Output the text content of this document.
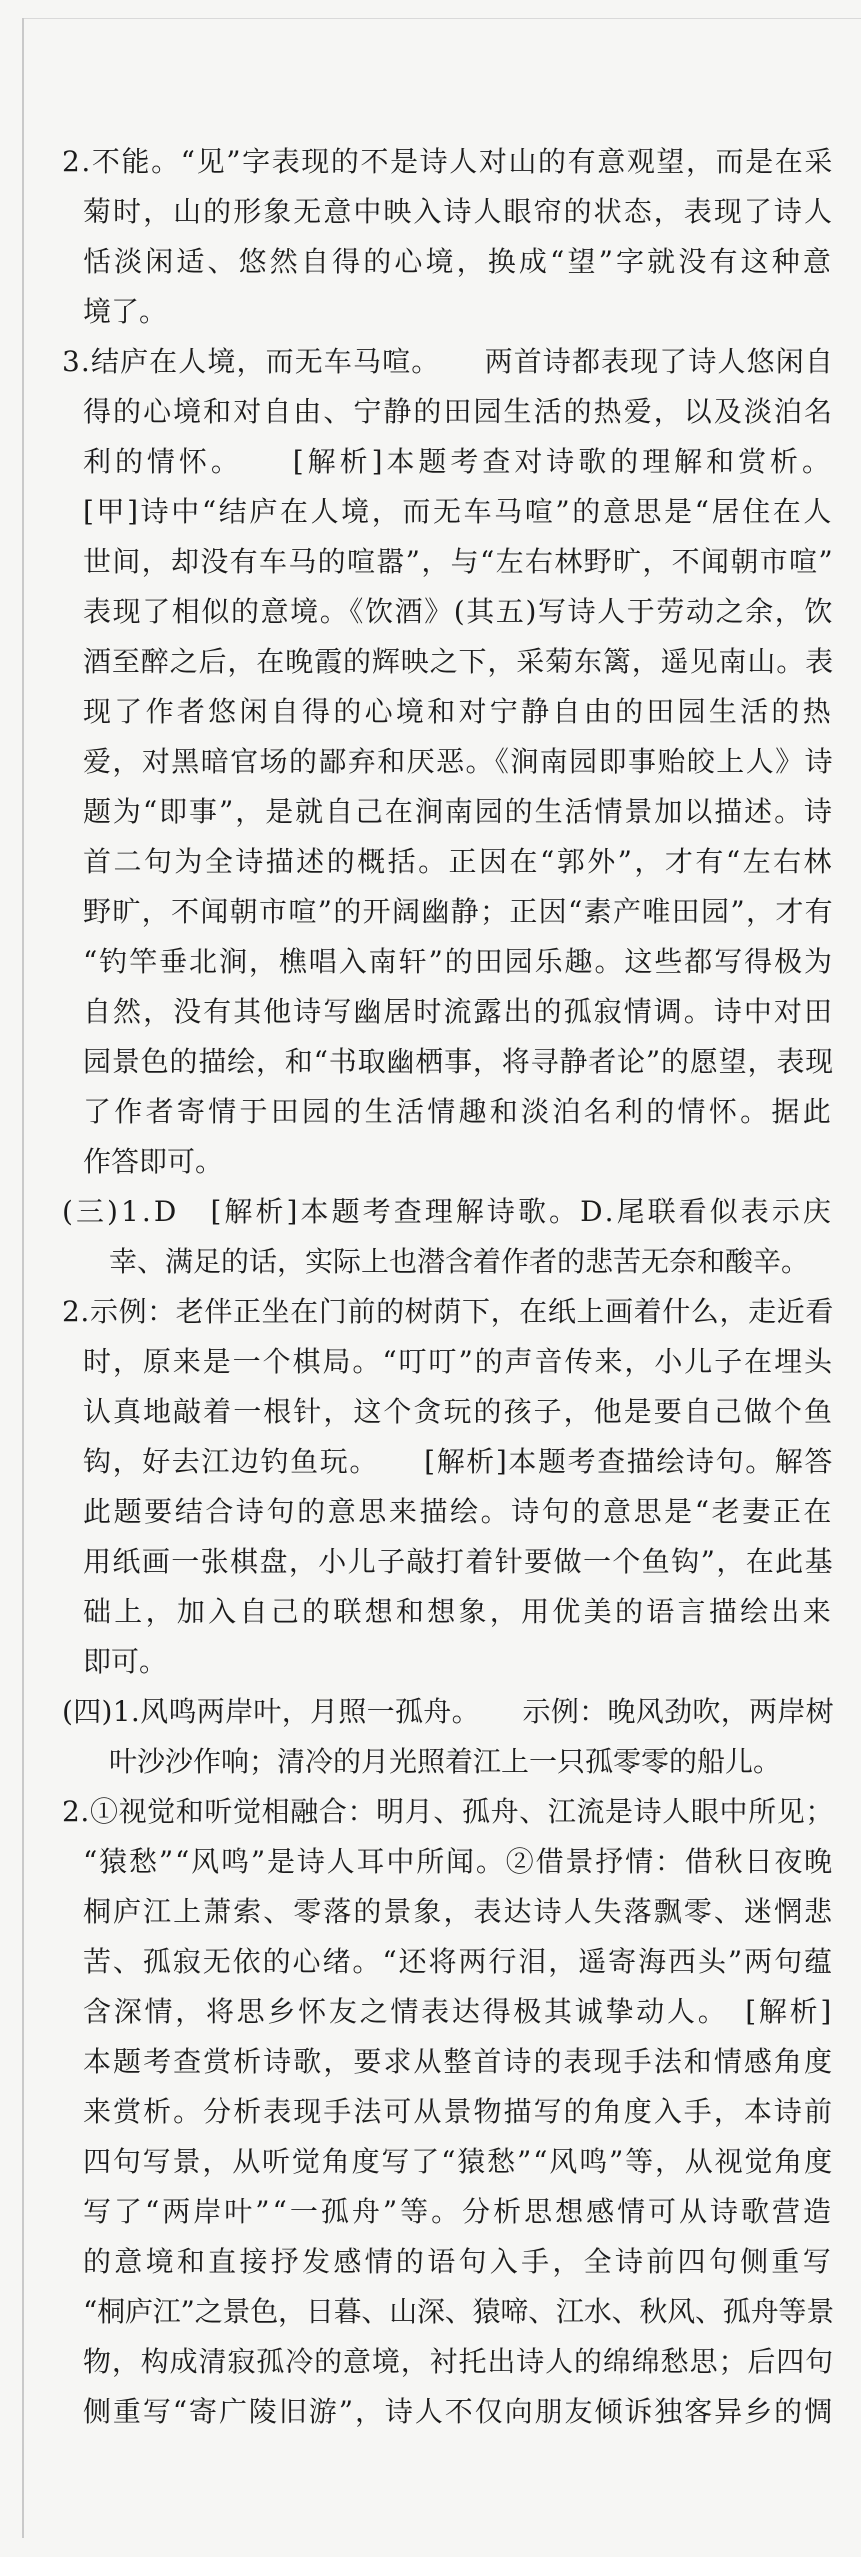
2.不能。“见”字表现的不是诗人对山的有意观望，而是在采
菊时，山的形象无意中映入诗人眼帘的状态，表现了诗人
恬淡闲适、悠然自得的心境，换成“望”字就没有这种意
境了。
3.结庐在人境，而无车马喧。　　两首诗都表现了诗人悠闲自
得的心境和对自由、宁静的田园生活的热爱，以及淡泊名
利的情怀。　　[解析]本题考查对诗歌的理解和赏析。
[甲]诗中“结庐在人境，而无车马喧”的意思是“居住在人
世间，却没有车马的喧嚣”，与“左右林野旷，不闻朝市喧”
表现了相似的意境。《饮酒》(其五)写诗人于劳动之余，饮
酒至醉之后，在晚霞的辉映之下，采菊东篱，遥见南山。表
现了作者悠闲自得的心境和对宁静自由的田园生活的热
爱，对黑暗官场的鄙弃和厌恶。《涧南园即事贻皎上人》诗
题为“即事”，是就自己在涧南园的生活情景加以描述。诗
首二句为全诗描述的概括。正因在“郭外”，才有“左右林
野旷，不闻朝市喧”的开阔幽静；正因“素产唯田园”，才有
“钓竿垂北涧，樵唱入南轩”的田园乐趣。这些都写得极为
自然，没有其他诗写幽居时流露出的孤寂情调。诗中对田
园景色的描绘，和“书取幽栖事，将寻静者论”的愿望，表现
了作者寄情于田园的生活情趣和淡泊名利的情怀。据此
作答即可。
(三)1.D　[解析]本题考查理解诗歌。D.尾联看似表示庆
幸、满足的话，实际上也潜含着作者的悲苦无奈和酸辛。
2.示例：老伴正坐在门前的树荫下，在纸上画着什么，走近看
时，原来是一个棋局。“叮叮”的声音传来，小儿子在埋头
认真地敲着一根针，这个贪玩的孩子，他是要自己做个鱼
钩，好去江边钓鱼玩。　　[解析]本题考查描绘诗句。解答
此题要结合诗句的意思来描绘。诗句的意思是“老妻正在
用纸画一张棋盘，小儿子敲打着针要做一个鱼钩”，在此基
础上，加入自己的联想和想象，用优美的语言描绘出来
即可。
(四)1.风鸣两岸叶，月照一孤舟。　　示例：晚风劲吹，两岸树
叶沙沙作响；清冷的月光照着江上一只孤零零的船儿。
2.①视觉和听觉相融合：明月、孤舟、江流是诗人眼中所见；
“猿愁”“风鸣”是诗人耳中所闻。②借景抒情：借秋日夜晚
桐庐江上萧索、零落的景象，表达诗人失落飘零、迷惘悲
苦、孤寂无依的心绪。“还将两行泪，遥寄海西头”两句蕴
含深情，将思乡怀友之情表达得极其诚挚动人。　[解析]
本题考查赏析诗歌，要求从整首诗的表现手法和情感角度
来赏析。分析表现手法可从景物描写的角度入手，本诗前
四句写景，从听觉角度写了“猿愁”“风鸣”等，从视觉角度
写了“两岸叶”“一孤舟”等。分析思想感情可从诗歌营造
的意境和直接抒发感情的语句入手，全诗前四句侧重写
“桐庐江”之景色，日暮、山深、猿啼、江水、秋风、孤舟等景
物，构成清寂孤冷的意境，衬托出诗人的绵绵愁思；后四句
侧重写“寄广陵旧游”，诗人不仅向朋友倾诉独客异乡的惆
